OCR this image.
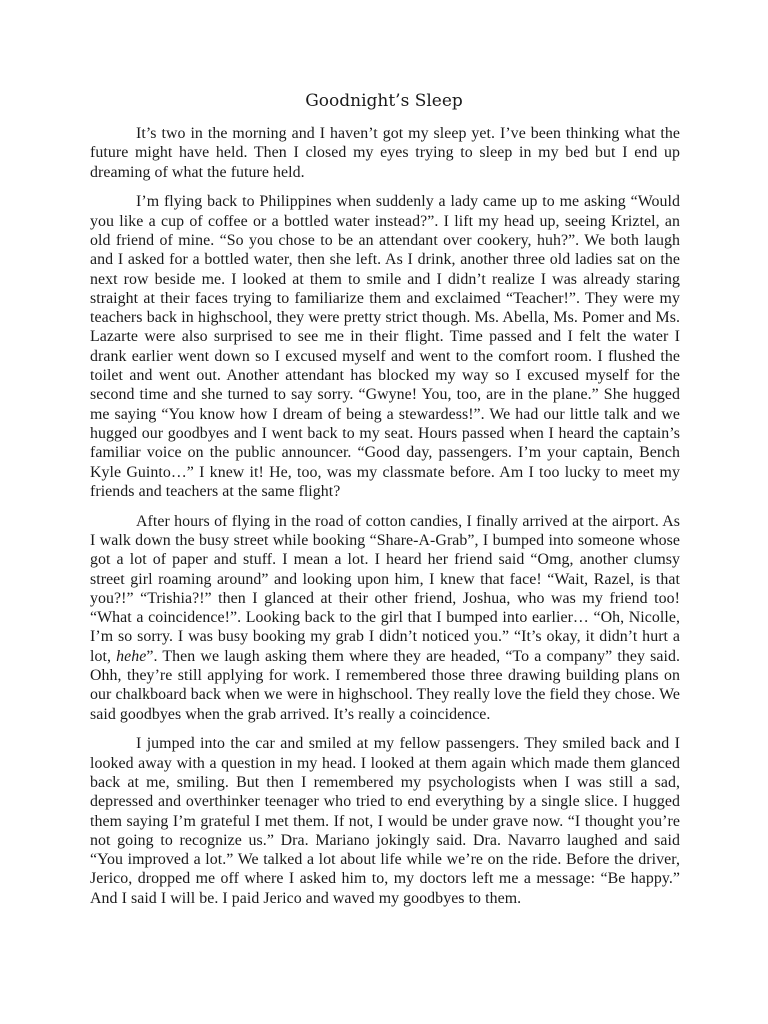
Goodnight’s Sleep

It’s two in the morning and I haven’t got my sleep yet. I’ve been thinking what the future might have held. Then I closed my eyes trying to sleep in my bed but I end up dreaming of what the future held.

I’m flying back to Philippines when suddenly a lady came up to me asking “Would you like a cup of coffee or a bottled water instead?”. I lift my head up, seeing Kriztel, an old friend of mine. “So you chose to be an attendant over cookery, huh?”. We both laugh and I asked for a bottled water, then she left. As I drink, another three old ladies sat on the next row beside me. I looked at them to smile and I didn’t realize I was already staring straight at their faces trying to familiarize them and exclaimed “Teacher!”. They were my teachers back in highschool, they were pretty strict though. Ms. Abella, Ms. Pomer and Ms. Lazarte were also surprised to see me in their flight. Time passed and I felt the water I drank earlier went down so I excused myself and went to the comfort room. I flushed the toilet and went out. Another attendant has blocked my way so I excused myself for the second time and she turned to say sorry. “Gwyne! You, too, are in the plane.” She hugged me saying “You know how I dream of being a stewardess!”. We had our little talk and we hugged our goodbyes and I went back to my seat. Hours passed when I heard the captain’s familiar voice on the public announcer. “Good day, passengers. I’m your captain, Bench Kyle Guinto…” I knew it! He, too, was my classmate before. Am I too lucky to meet my friends and teachers at the same flight?

After hours of flying in the road of cotton candies, I finally arrived at the airport. As I walk down the busy street while booking “Share-A-Grab”, I bumped into someone whose got a lot of paper and stuff. I mean a lot. I heard her friend said “Omg, another clumsy street girl roaming around” and looking upon him, I knew that face! “Wait, Razel, is that you?!” “Trishia?!” then I glanced at their other friend, Joshua, who was my friend too! “What a coincidence!”. Looking back to the girl that I bumped into earlier… “Oh, Nicolle, I’m so sorry. I was busy booking my grab I didn’t noticed you.” “It’s okay, it didn’t hurt a lot, hehe”. Then we laugh asking them where they are headed, “To a company” they said. Ohh, they’re still applying for work. I remembered those three drawing building plans on our chalkboard back when we were in highschool. They really love the field they chose. We said goodbyes when the grab arrived. It’s really a coincidence.

I jumped into the car and smiled at my fellow passengers. They smiled back and I looked away with a question in my head. I looked at them again which made them glanced back at me, smiling. But then I remembered my psychologists when I was still a sad, depressed and overthinker teenager who tried to end everything by a single slice. I hugged them saying I’m grateful I met them. If not, I would be under grave now. “I thought you’re not going to recognize us.” Dra. Mariano jokingly said. Dra. Navarro laughed and said “You improved a lot.” We talked a lot about life while we’re on the ride. Before the driver, Jerico, dropped me off where I asked him to, my doctors left me a message: “Be happy.” And I said I will be. I paid Jerico and waved my goodbyes to them.
